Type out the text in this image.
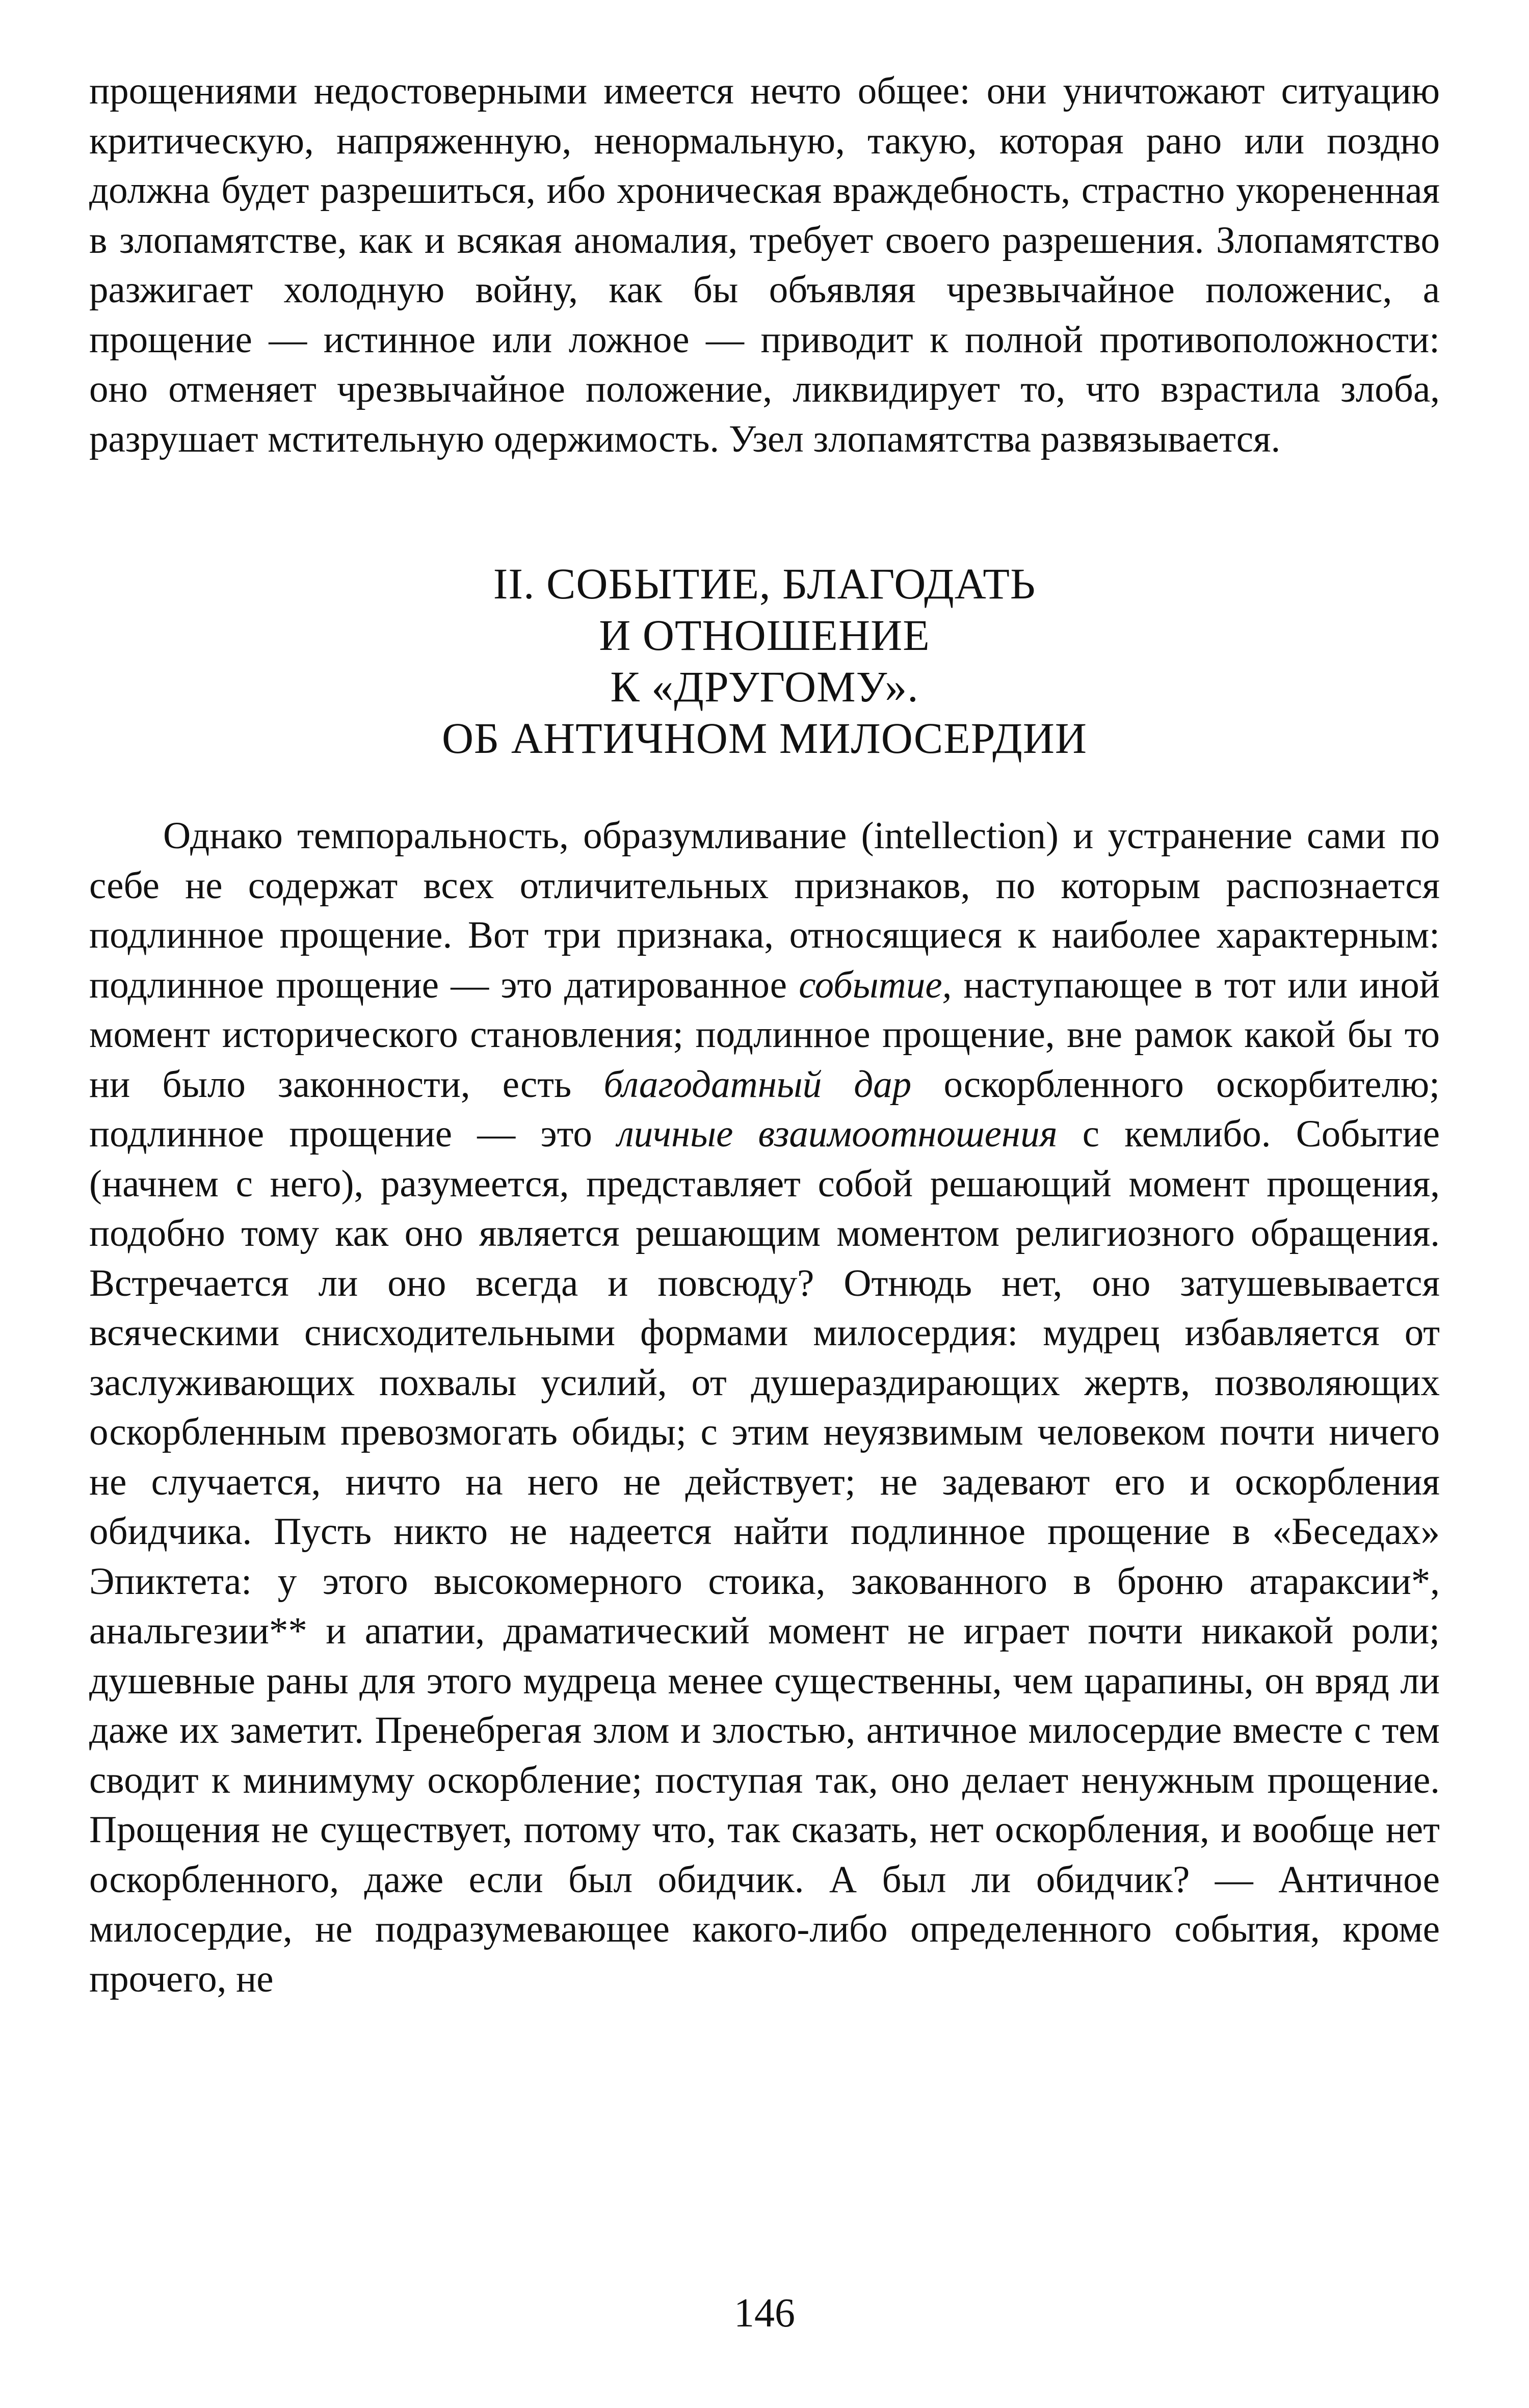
прощениями недостоверными имеется нечто общее: они уничтожают ситуацию критическую, напряженную, ненормальную, такую, которая рано или поздно должна будет разрешиться, ибо хроническая враждебность, страстно укорененная в злопамятстве, как и всякая аномалия, требует своего разрешения. Злопамятство разжигает холодную войну, как бы объявляя чрезвычайное положенис, а прощение — истинное или ложное — приводит к полной противоположности: оно отменяет чрезвычайное положение, ликвидирует то, что взрастила злоба, разрушает мстительную одержимость. Узел злопамятства развязывается.

II. СОБЫТИЕ, БЛАГОДАТЬ
И ОТНОШЕНИЕ
К «ДРУГОМУ».
ОБ АНТИЧНОМ МИЛОСЕРДИИ

Однако темпоральность, образумливание (intellection) и устранение сами по себе не содержат всех отличительных признаков, по которым распознается подлинное прощение. Вот три признака, относящиеся к наиболее характерным: подлинное прощение — это датированное событие, наступающее в тот или иной момент исторического становления; подлинное прощение, вне рамок какой бы то ни было законности, есть благодатный дар оскорбленного оскорбителю; подлинное прощение — это личные взаимоотношения с кемлибо. Событие (начнем с него), разумеется, представляет собой решающий момент прощения, подобно тому как оно является решающим моментом религиозного обращения. Встречается ли оно всегда и повсюду? Отнюдь нет, оно затушевывается всяческими снисходительными формами милосердия: мудрец избавляется от заслуживающих похвалы усилий, от душераздирающих жертв, позволяющих оскорбленным превозмогать обиды; с этим неуязвимым человеком почти ничего не случается, ничто на него не действует; не задевают его и оскорбления обидчика. Пусть никто не надеется найти подлинное прощение в «Беседах» Эпиктета: у этого высокомерного стоика, закованного в броню атараксии*, анальгезии** и апатии, драматический момент не играет почти никакой роли; душевные раны для этого мудреца менее существенны, чем царапины, он вряд ли даже их заметит. Пренебрегая злом и злостью, античное милосердие вместе с тем сводит к минимуму оскорбление; поступая так, оно делает ненужным прощение. Прощения не существует, потому что, так сказать, нет оскорбления, и вообще нет оскорбленного, даже если был обидчик. А был ли обидчик? — Античное милосердие, не подразумевающее какого-либо определенного события, кроме прочего, не

146
